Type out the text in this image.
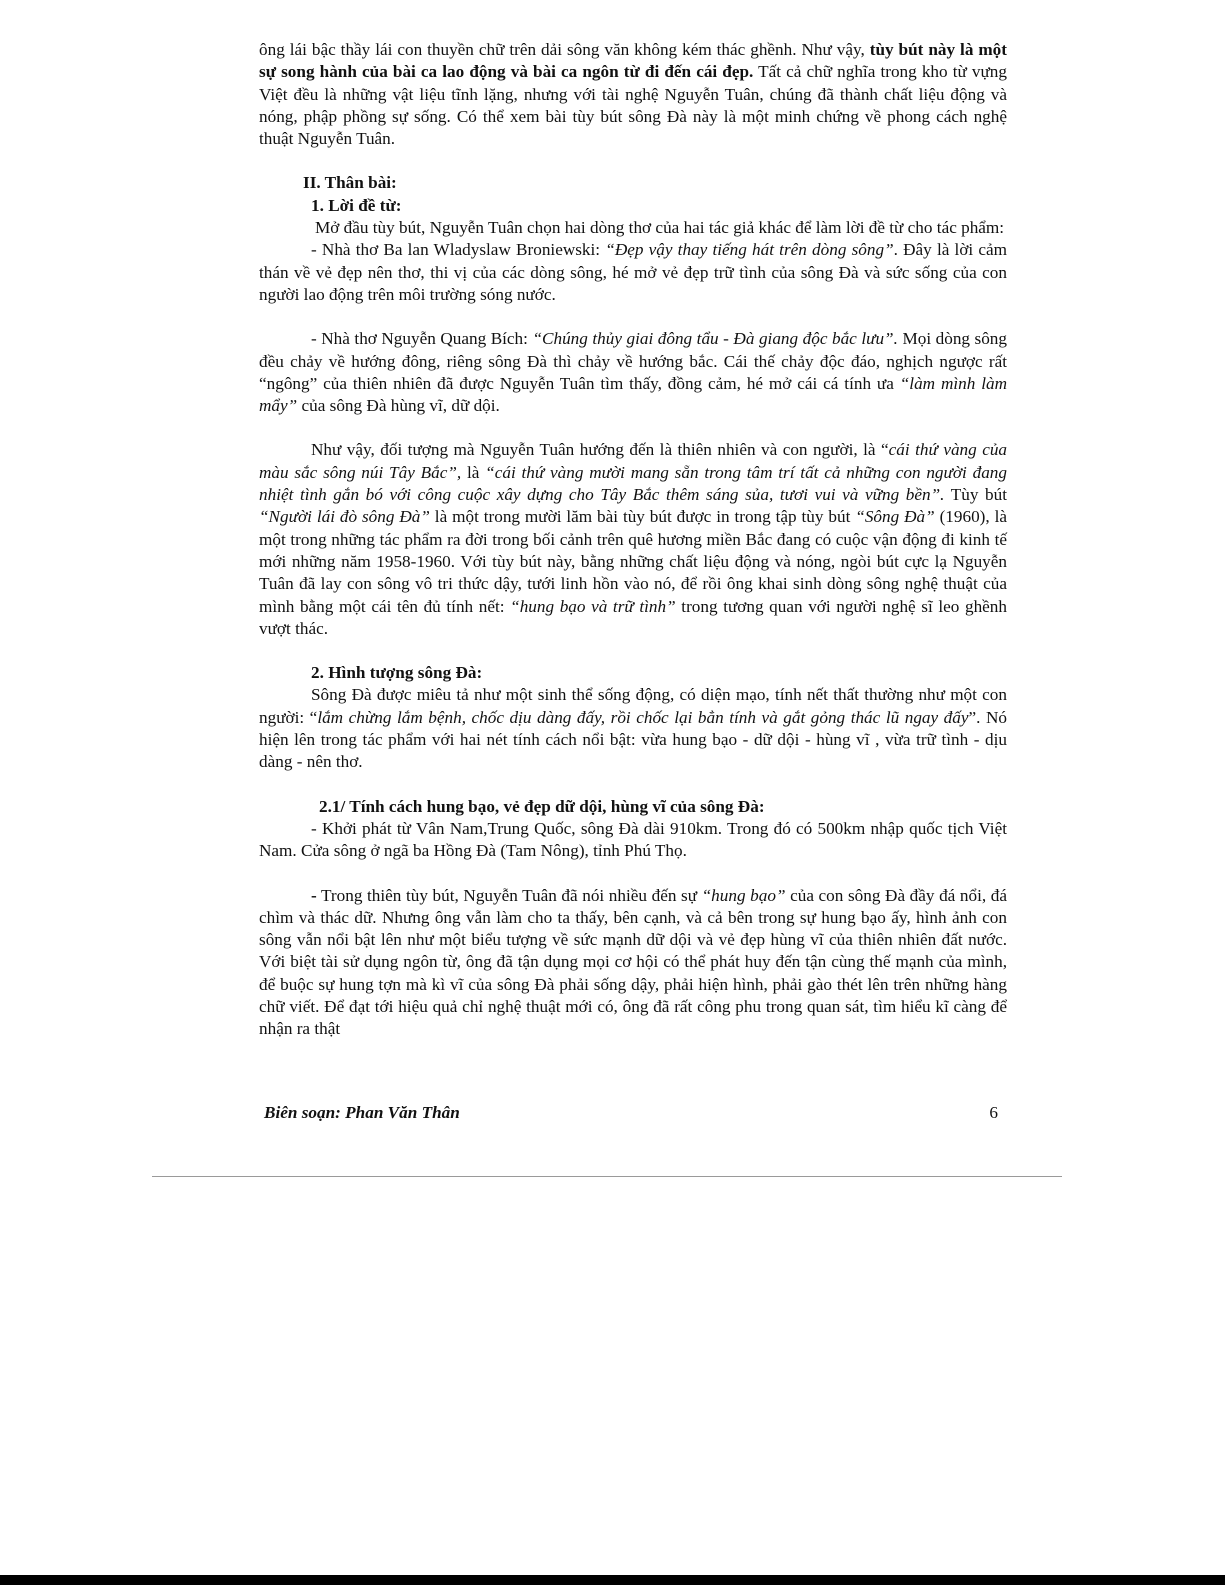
ông lái bậc thầy lái con thuyền chữ trên dải sông văn không kém thác ghềnh. Như vậy, tùy bút này là một sự song hành của bài ca lao động và bài ca ngôn từ đi đến cái đẹp. Tất cả chữ nghĩa trong kho từ vựng Việt đều là những vật liệu tĩnh lặng, nhưng với tài nghệ Nguyễn Tuân, chúng đã thành chất liệu động và nóng, phập phồng sự sống. Có thể xem bài tùy bút sông Đà này là một minh chứng về phong cách nghệ thuật Nguyễn Tuân.

II. Thân bài:

1. Lời đề từ:

Mở đầu tùy bút, Nguyễn Tuân chọn hai dòng thơ của hai tác giả khác để làm lời đề từ cho tác phẩm:

- Nhà thơ Ba lan Wladyslaw Broniewski: “Đẹp vậy thay tiếng hát trên dòng sông”. Đây là lời cảm thán về vẻ đẹp nên thơ, thi vị của các dòng sông, hé mở vẻ đẹp trữ tình của sông Đà và sức sống của con người lao động trên môi trường sóng nước.

- Nhà thơ Nguyễn Quang Bích: “Chúng thủy giai đông tẩu - Đà giang độc bắc lưu”. Mọi dòng sông đều chảy về hướng đông, riêng sông Đà thì chảy về hướng bắc. Cái thế chảy độc đáo, nghịch ngược rất “ngông” của thiên nhiên đã được Nguyễn Tuân tìm thấy, đồng cảm, hé mở cái cá tính ưa “làm mình làm mẩy” của sông Đà hùng vĩ, dữ dội.

Như vậy, đối tượng mà Nguyễn Tuân hướng đến là thiên nhiên và con người, là “cái thứ vàng của màu sắc sông núi Tây Bắc”, là “cái thứ vàng mười mang sẵn trong tâm trí tất cả những con người đang nhiệt tình gắn bó với công cuộc xây dựng cho Tây Bắc thêm sáng sủa, tươi vui và vững bền”. Tùy bút “Người lái đò sông Đà” là một trong mười lăm bài tùy bút được in trong tập tùy bút “Sông Đà” (1960), là một trong những tác phẩm ra đời trong bối cảnh trên quê hương miền Bắc đang có cuộc vận động đi kinh tế mới những năm 1958-1960. Với tùy bút này, bằng những chất liệu động và nóng, ngòi bút cực lạ Nguyễn Tuân đã lay con sông vô tri thức dậy, tưới linh hồn vào nó, để rồi ông khai sinh dòng sông nghệ thuật của mình bằng một cái tên đủ tính nết: “hung bạo và trữ tình” trong tương quan với người nghệ sĩ leo ghềnh vượt thác.

2. Hình tượng sông Đà:

Sông Đà được miêu tả như một sinh thể sống động, có diện mạo, tính nết thất thường như một con người: “lắm chừng lắm bệnh, chốc dịu dàng đấy, rồi chốc lại bẳn tính và gắt gỏng thác lũ ngay đấy”. Nó hiện lên trong tác phẩm với hai nét tính cách nổi bật: vừa hung bạo - dữ dội - hùng vĩ , vừa trữ tình - dịu dàng - nên thơ.

2.1/ Tính cách hung bạo, vẻ đẹp dữ dội, hùng vĩ của sông Đà:

- Khởi phát từ Vân Nam,Trung Quốc, sông Đà dài 910km. Trong đó có 500km nhập quốc tịch Việt Nam. Cửa sông ở ngã ba Hồng Đà (Tam Nông), tỉnh Phú Thọ.

- Trong thiên tùy bút, Nguyễn Tuân đã nói nhiều đến sự “hung bạo” của con sông Đà đầy đá nổi, đá chìm và thác dữ. Nhưng ông vẫn làm cho ta thấy, bên cạnh, và cả bên trong sự hung bạo ấy, hình ảnh con sông vẫn nổi bật lên như một biểu tượng về sức mạnh dữ dội và vẻ đẹp hùng vĩ của thiên nhiên đất nước. Với biệt tài sử dụng ngôn từ, ông đã tận dụng mọi cơ hội có thể phát huy đến tận cùng thế mạnh của mình, để buộc sự hung tợn mà kì vĩ của sông Đà phải sống dậy, phải hiện hình, phải gào thét lên trên những hàng chữ viết. Để đạt tới hiệu quả chỉ nghệ thuật mới có, ông đã rất công phu trong quan sát, tìm hiểu kĩ càng để nhận ra thật

Biên soạn: Phan Văn Thân	6
